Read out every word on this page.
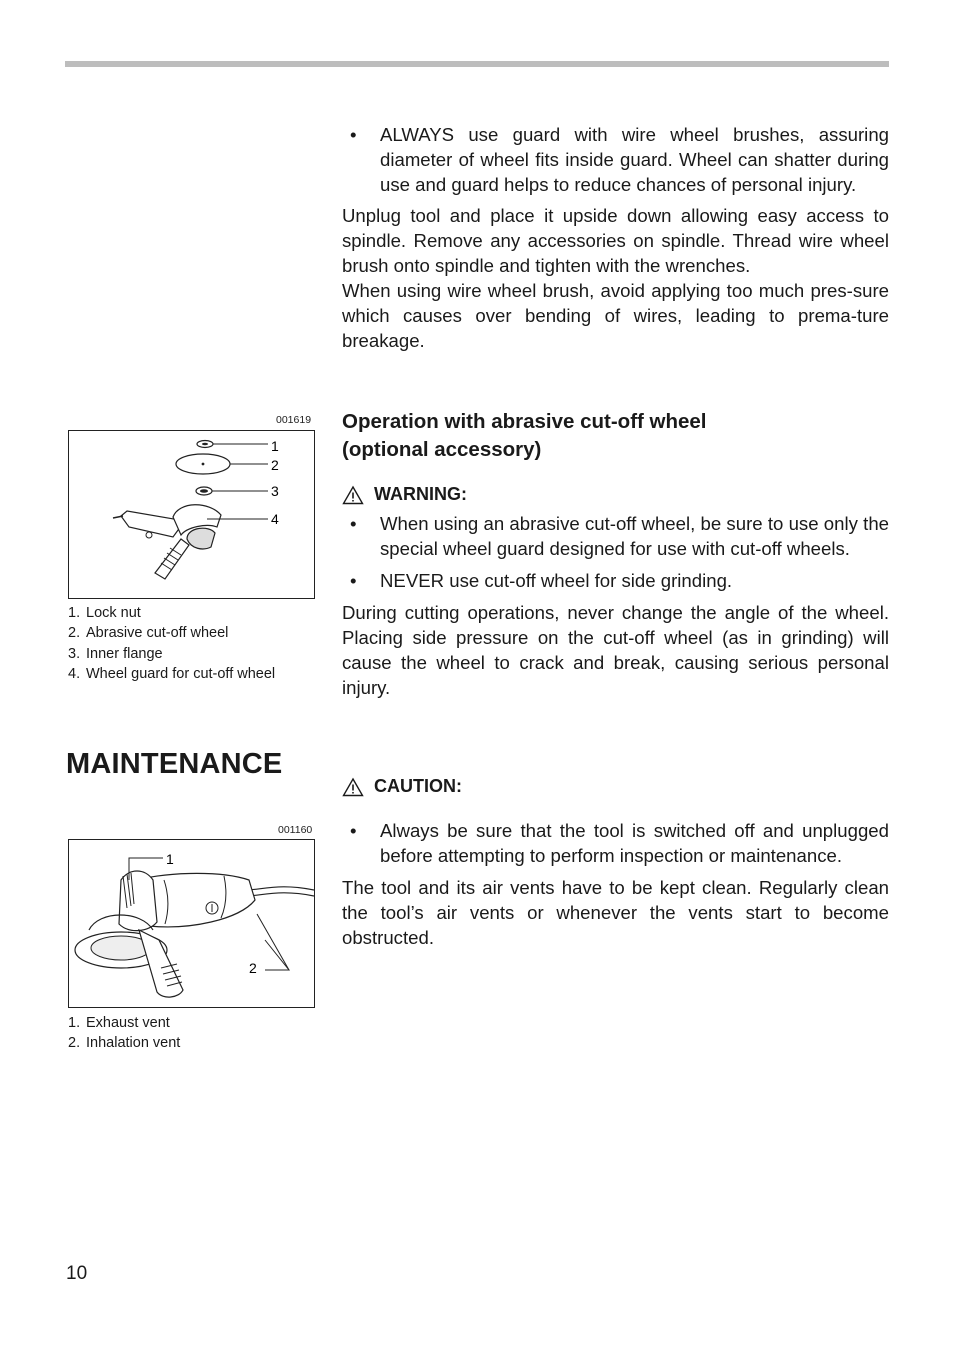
• ALWAYS use guard with wire wheel brushes, assuring diameter of wheel fits inside guard. Wheel can shatter during use and guard helps to reduce chances of personal injury.

Unplug tool and place it upside down allowing easy access to spindle. Remove any accessories on spindle. Thread wire wheel brush onto spindle and tighten with the wrenches.

When using wire wheel brush, avoid applying too much pres-sure which causes over bending of wires, leading to prema-ture breakage.

Operation with abrasive cut-off wheel
(optional accessory)
WARNING:

• When using an abrasive cut-off wheel, be sure to use only the special wheel guard designed for use with cut-off wheels.

• NEVER use cut-off wheel for side grinding.

During cutting operations, never change the angle of the wheel. Placing side pressure on the cut-off wheel (as in grinding) will cause the wheel to crack and break, causing serious personal injury.

001619
1
2
3
4
1. Lock nut
2. Abrasive cut-off wheel
3. Inner flange
4. Wheel guard for cut-off wheel
MAINTENANCE
CAUTION:

• Always be sure that the tool is switched off and unplugged before attempting to perform inspection or maintenance.

The tool and its air vents have to be kept clean. Regularly clean the tool’s air vents or whenever the vents start to become obstructed.

001160
1
2
1. Exhaust vent
2. Inhalation vent
10
